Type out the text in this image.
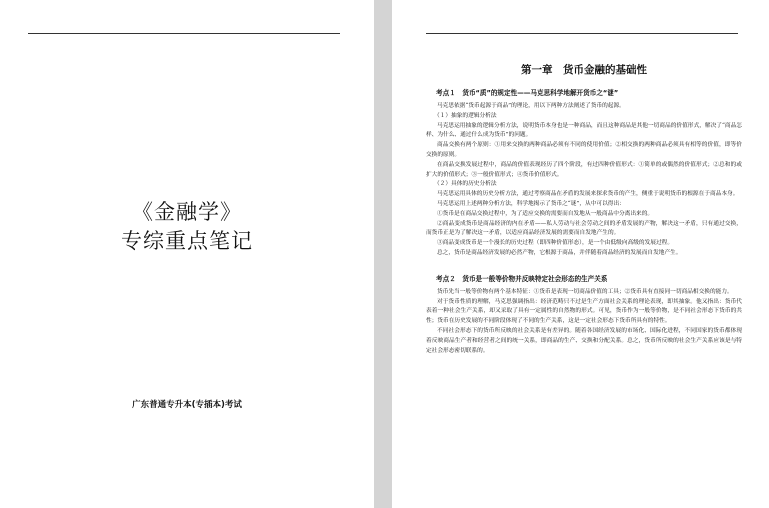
《金融学》
专综重点笔记
广东普通专升本(专插本)考试
第一章　货币金融的基础性
考点１　货币“质”的规定性——马克思科学地解开货币之“谜”

马克思依据“货币起源于商品”的理论，用以下两种方法阐述了货币的起源。

（１）抽象的逻辑分析法

马克思运用抽象的逻辑分析方法，说明货币本身也是一种商品，而且这种商品是其他一切商品的价值形式，解决了“商品怎样、为什么、通过什么成为货币”的问题。

商品交换有两个原则：①用来交换的两种商品必须有不同的使用价值；②相交换的两种商品必须具有相等的价值，即等价交换的原则。

在商品交换发展过程中，商品的价值表现经历了四个阶段，有过四种价值形式：①简单的或偶然的价值形式；②总和的或扩大的价值形式；③一般价值形式；④货币价值形式。

（２）具体的历史分析法

马克思运用具体的历史分析方法，通过考察商品在矛盾的发展来探求货币的产生，侧重于说明货币的根源在于商品本身。

马克思运用上述两种分析方法，科学地揭示了货币之“谜”，从中可以得出：

①货币是在商品交换过程中，为了适应交换的需要而自发地从一般商品中分离出来的。

②商品变成货币是商品经济的内在矛盾——私人劳动与社会劳动之间的矛盾发展的产物，解决这一矛盾，只有通过交换，而货币正是为了解决这一矛盾，以适应商品经济发展的需要而自发地产生的。

③商品变成货币是一个漫长的历史过程（即四种价值形态），是一个由低级向高级的发展过程。

总之，货币是商品经济发展的必然产物，它根源于商品，并伴随着商品经济的发展而自发地产生。

考点２　货币是一般等价物并反映特定社会形态的生产关系

货币先当一般等价物有两个基本特征：①货币是表现一切商品价值的工具；②货币具有直接同一切商品相交换的能力。

对于货币性质的理解，马克思强调指出：经济范畴只不过是生产方面社会关系的理论表现，即其抽象。他又指出：货币代表着一种社会生产关系，却又采取了具有一定属性的自然物的形式。可见，货币作为一般等价物，是不同社会形态下货币的共性；货币在历史发展的不同阶段体现了不同的生产关系，这是一定社会形态下货币所具有的特性。

不同社会形态下的货币所反映的社会关系是有差异的。随着各国经济发展的市场化、国际化进程，不同国家的货币都体现着反映商品生产者和经营者之间的统一关系，即商品的生产、交换和分配关系。总之，货币所反映的社会生产关系应该是与特定社会形态密切联系的。
